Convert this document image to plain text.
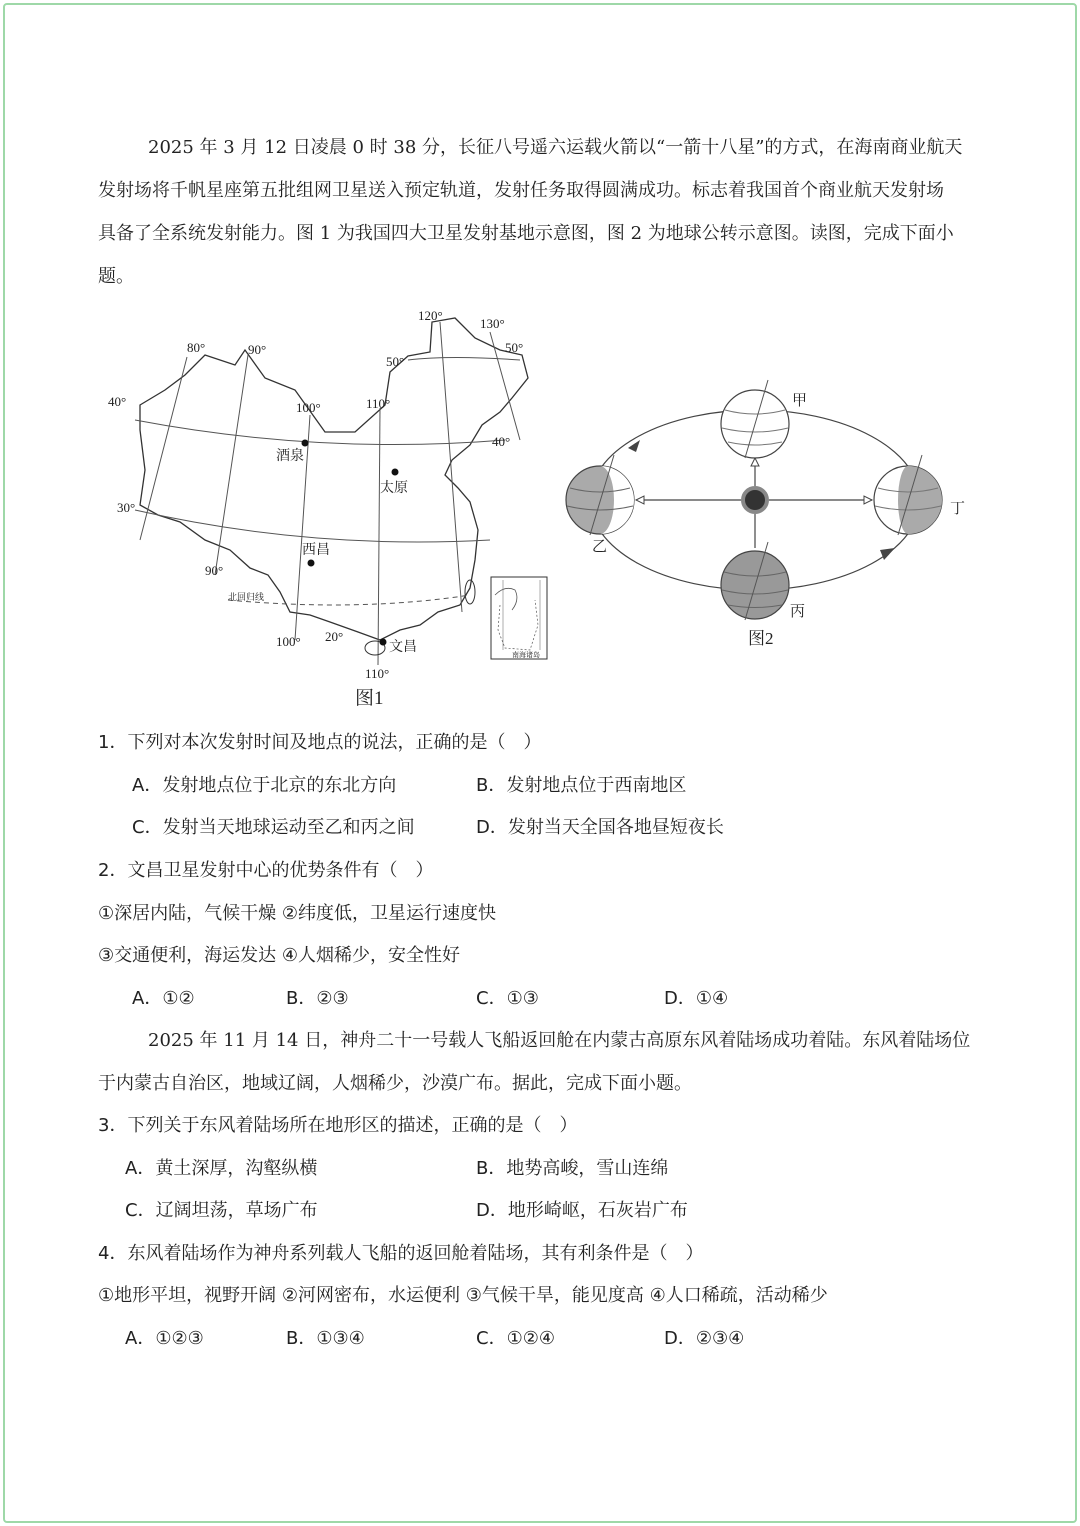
2025 年 3 月 12 日凌晨 0 时 38 分，长征八号遥六运载火箭以“一箭十八星”的方式，在海南商业航天
发射场将千帆星座第五批组网卫星送入预定轨道，发射任务取得圆满成功。标志着我国首个商业航天发射场
具备了全系统发射能力。图 1 为我国四大卫星发射基地示意图，图 2 为地球公转示意图。读图，完成下面小
题。
80°	90°
100°	110°
120°
130°
90°
100°
110°
50°
50°
40°
40°
30°
20°
北回归线
酒泉
太原
西昌
文昌	南海诸岛
图1
甲
乙
丙
丁
图2
1．下列对本次发射时间及地点的说法，正确的是（　）
A．发射地点位于北京的东北方向	B．发射地点位于西南地区
C．发射当天地球运动至乙和丙之间	D．发射当天全国各地昼短夜长
2．文昌卫星发射中心的优势条件有（　）
①深居内陆，气候干燥 ②纬度低，卫星运行速度快
③交通便利，海运发达 ④人烟稀少，安全性好
A．①②	B．②③	C．①③	D．①④
2025 年 11 月 14 日，神舟二十一号载人飞船返回舱在内蒙古高原东风着陆场成功着陆。东风着陆场位
于内蒙古自治区，地域辽阔，人烟稀少，沙漠广布。据此，完成下面小题。
3．下列关于东风着陆场所在地形区的描述，正确的是（　）
A．黄土深厚，沟壑纵横	B．地势高峻，雪山连绵
C．辽阔坦荡，草场广布	D．地形崎岖，石灰岩广布
4．东风着陆场作为神舟系列载人飞船的返回舱着陆场，其有利条件是（　）
①地形平坦，视野开阔 ②河网密布，水运便利 ③气候干旱，能见度高 ④人口稀疏，活动稀少
A．①②③	B．①③④	C．①②④	D．②③④
